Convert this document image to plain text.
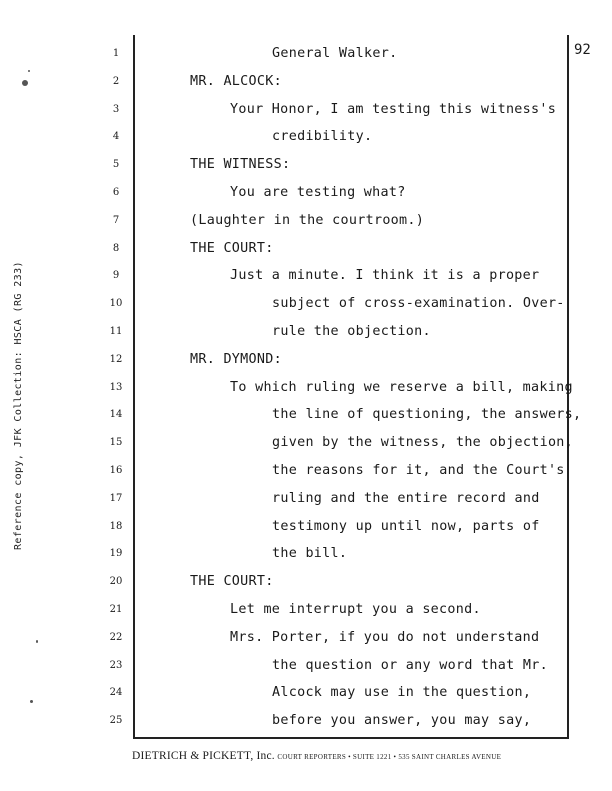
92
Reference copy, JFK Collection: HSCA (RG 233)
1	General Walker.
2	MR. ALCOCK:
3	Your Honor, I am testing this witness's
4	credibility.
5	THE WITNESS:
6	You are testing what?
7	(Laughter in the courtroom.)
8	THE COURT:
9	Just a minute. I think it is a proper
10	subject of cross-examination. Over-
11	rule the objection.
12	MR. DYMOND:
13	To which ruling we reserve a bill, making
14	the line of questioning, the answers,
15	given by the witness, the objection,
16	the reasons for it, and the Court's
17	ruling and the entire record and
18	testimony up until now, parts of
19	the bill.
20	THE COURT:
21	Let me interrupt you a second.
22	Mrs. Porter, if you do not understand
23	the question or any word that Mr.
24	Alcock may use in the question,
25	before you answer, you may say,
DIETRICH & PICKETT, Inc. COURT REPORTERS • SUITE 1221 • 535 SAINT CHARLES AVENUE
